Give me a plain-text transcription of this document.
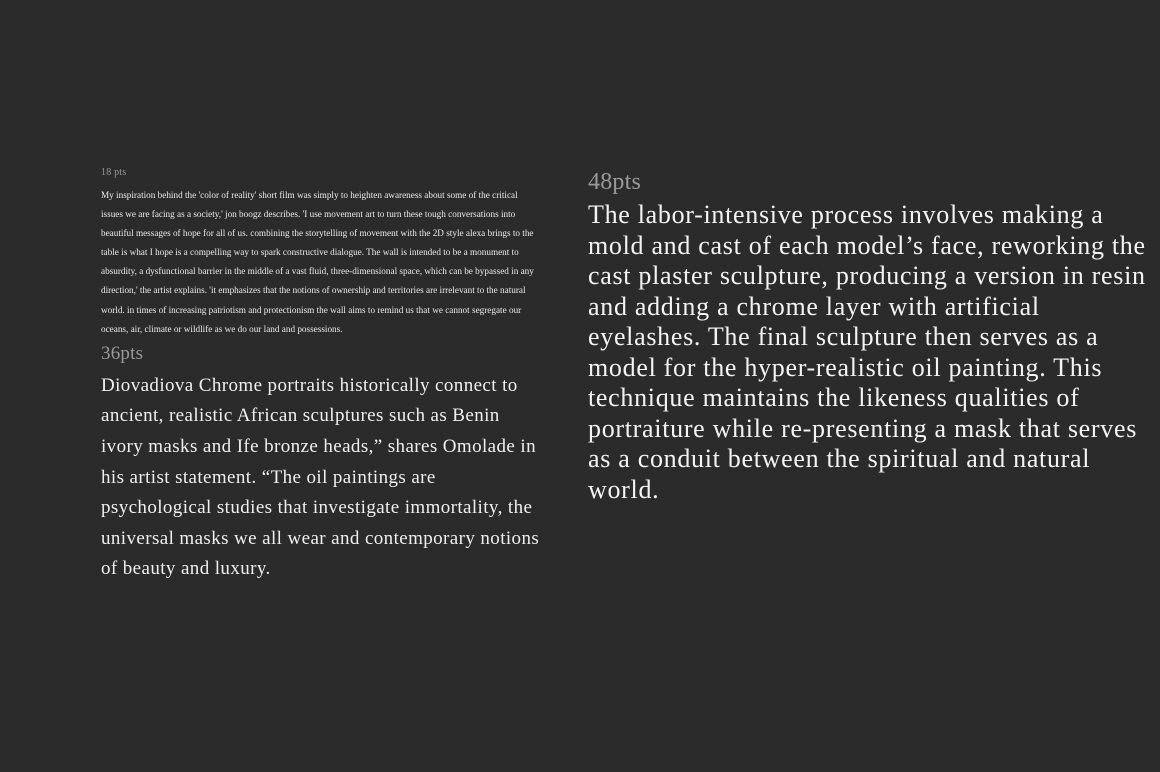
18 pts
My inspiration behind the 'color of reality' short film was simply to heighten awareness about some of the critical issues we are facing as a society,' jon boogz describes. 'I use movement art to turn these tough conversations into beautiful messages of hope for all of us. combining the storytelling of movement with the 2D style alexa brings to the table is what I hope is a compelling way to spark constructive dialogue. The wall is intended to be a monument to absurdity, a dysfunctional barrier in the middle of a vast fluid, three-dimensional space, which can be bypassed in any direction,' the artist explains. 'it emphasizes that the notions of ownership and territories are irrelevant to the natural world. in times of increasing patriotism and protectionism the wall aims to remind us that we cannot segregate our oceans, air, climate or wildlife as we do our land and possessions.
36pts
Diovadiova Chrome portraits historically connect to ancient, realistic African sculptures such as Benin ivory masks and Ife bronze heads,” shares Omolade in his artist statement. “The oil paintings are psychological studies that investigate immortality, the universal masks we all wear and contemporary notions of beauty and luxury.
48pts
The labor-intensive process involves making a mold and cast of each model’s face, reworking the cast plaster sculpture, producing a version in resin and adding a chrome layer with artificial eyelashes. The final sculpture then serves as a model for the hyper-realistic oil painting. This technique maintains the likeness qualities of portraiture while re-presenting a mask that serves as a conduit between the spiritual and natural world.
